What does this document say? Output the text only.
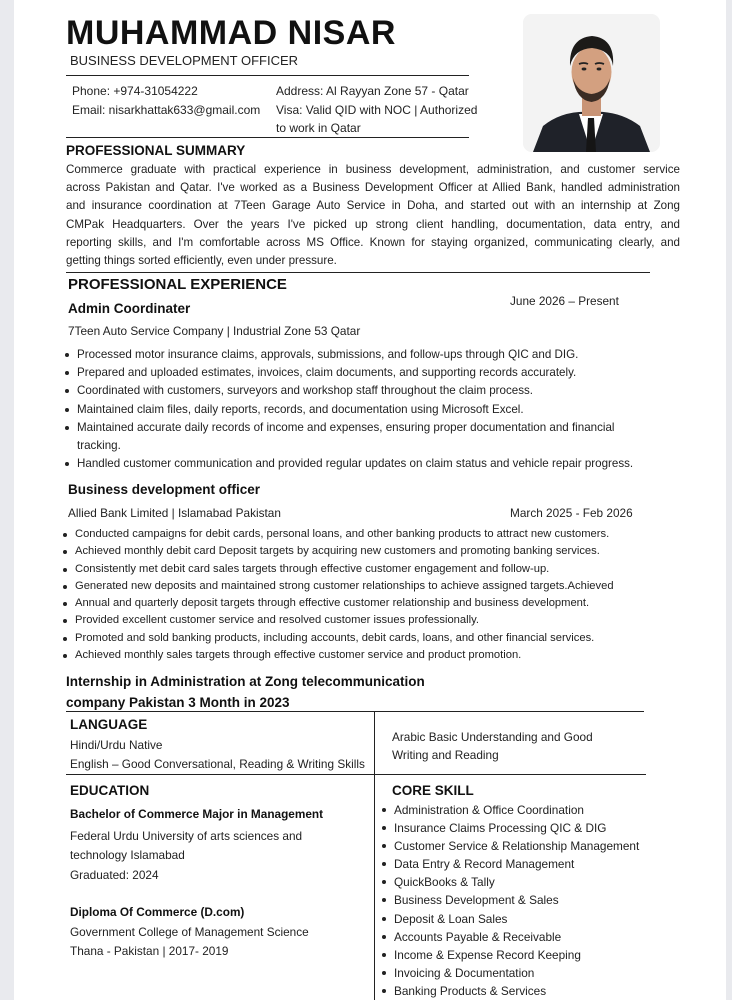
MUHAMMAD NISAR
BUSINESS DEVELOPMENT OFFICER
Phone: +974-31054222
Email: nisarkhattak633@gmail.com
Address: Al Rayyan Zone 57 - Qatar
Visa: Valid QID with NOC | Authorized
to work in Qatar
PROFESSIONAL SUMMARY
Commerce graduate with practical experience in business development, administration, and customer service
across Pakistan and Qatar. I've worked as a Business Development Officer at Allied Bank, handled administration
and insurance coordination at 7Teen Garage Auto Service in Doha, and started out with an internship at Zong
CMPak Headquarters. Over the years I've picked up strong client handling, documentation, data entry, and
reporting skills, and I'm comfortable across MS Office. Known for staying organized, communicating clearly, and
getting things sorted efficiently, even under pressure.
PROFESSIONAL EXPERIENCE
Admin Coordinater	June 2026 – Present
7Teen Auto Service Company | Industrial Zone 53 Qatar
Processed motor insurance claims, approvals, submissions, and follow-ups through QIC and DIG.
Prepared and uploaded estimates, invoices, claim documents, and supporting records accurately.
Coordinated with customers, surveyors and workshop staff throughout the claim process.
Maintained claim files, daily reports, records, and documentation using Microsoft Excel.
Maintained accurate daily records of income and expenses, ensuring proper documentation and financial
tracking.
Handled customer communication and provided regular updates on claim status and vehicle repair progress.
Business development officer
Allied Bank Limited | Islamabad Pakistan	March 2025 - Feb 2026
Conducted campaigns for debit cards, personal loans, and other banking products to attract new customers.
Achieved monthly debit card Deposit targets by acquiring new customers and promoting banking services.
Consistently met debit card sales targets through effective customer engagement and follow-up.
Generated new deposits and maintained strong customer relationships to achieve assigned targets.Achieved
Annual and quarterly deposit targets through effective customer relationship and business development.
Provided excellent customer service and resolved customer issues professionally.
Promoted and sold banking products, including accounts, debit cards, loans, and other financial services.
Achieved monthly sales targets through effective customer service and product promotion.
Internship in Administration at Zong telecommunication
company Pakistan 3 Month in 2023
LANGUAGE
Hindi/Urdu Native
English – Good Conversational, Reading & Writing Skills
Arabic Basic Understanding and Good
Writing and Reading
EDUCATION
Bachelor of Commerce Major in Management
Federal Urdu University of arts sciences and
technology Islamabad
Graduated: 2024
Diploma Of Commerce (D.com)
Government College of Management Science
Thana - Pakistan | 2017- 2019
CORE SKILL
Administration & Office Coordination
Insurance Claims Processing QIC & DIG
Customer Service & Relationship Management
Data Entry & Record Management
QuickBooks & Tally
Business Development & Sales
Deposit & Loan Sales
Accounts Payable & Receivable
Income & Expense Record Keeping
Invoicing & Documentation
Banking Products & Services
